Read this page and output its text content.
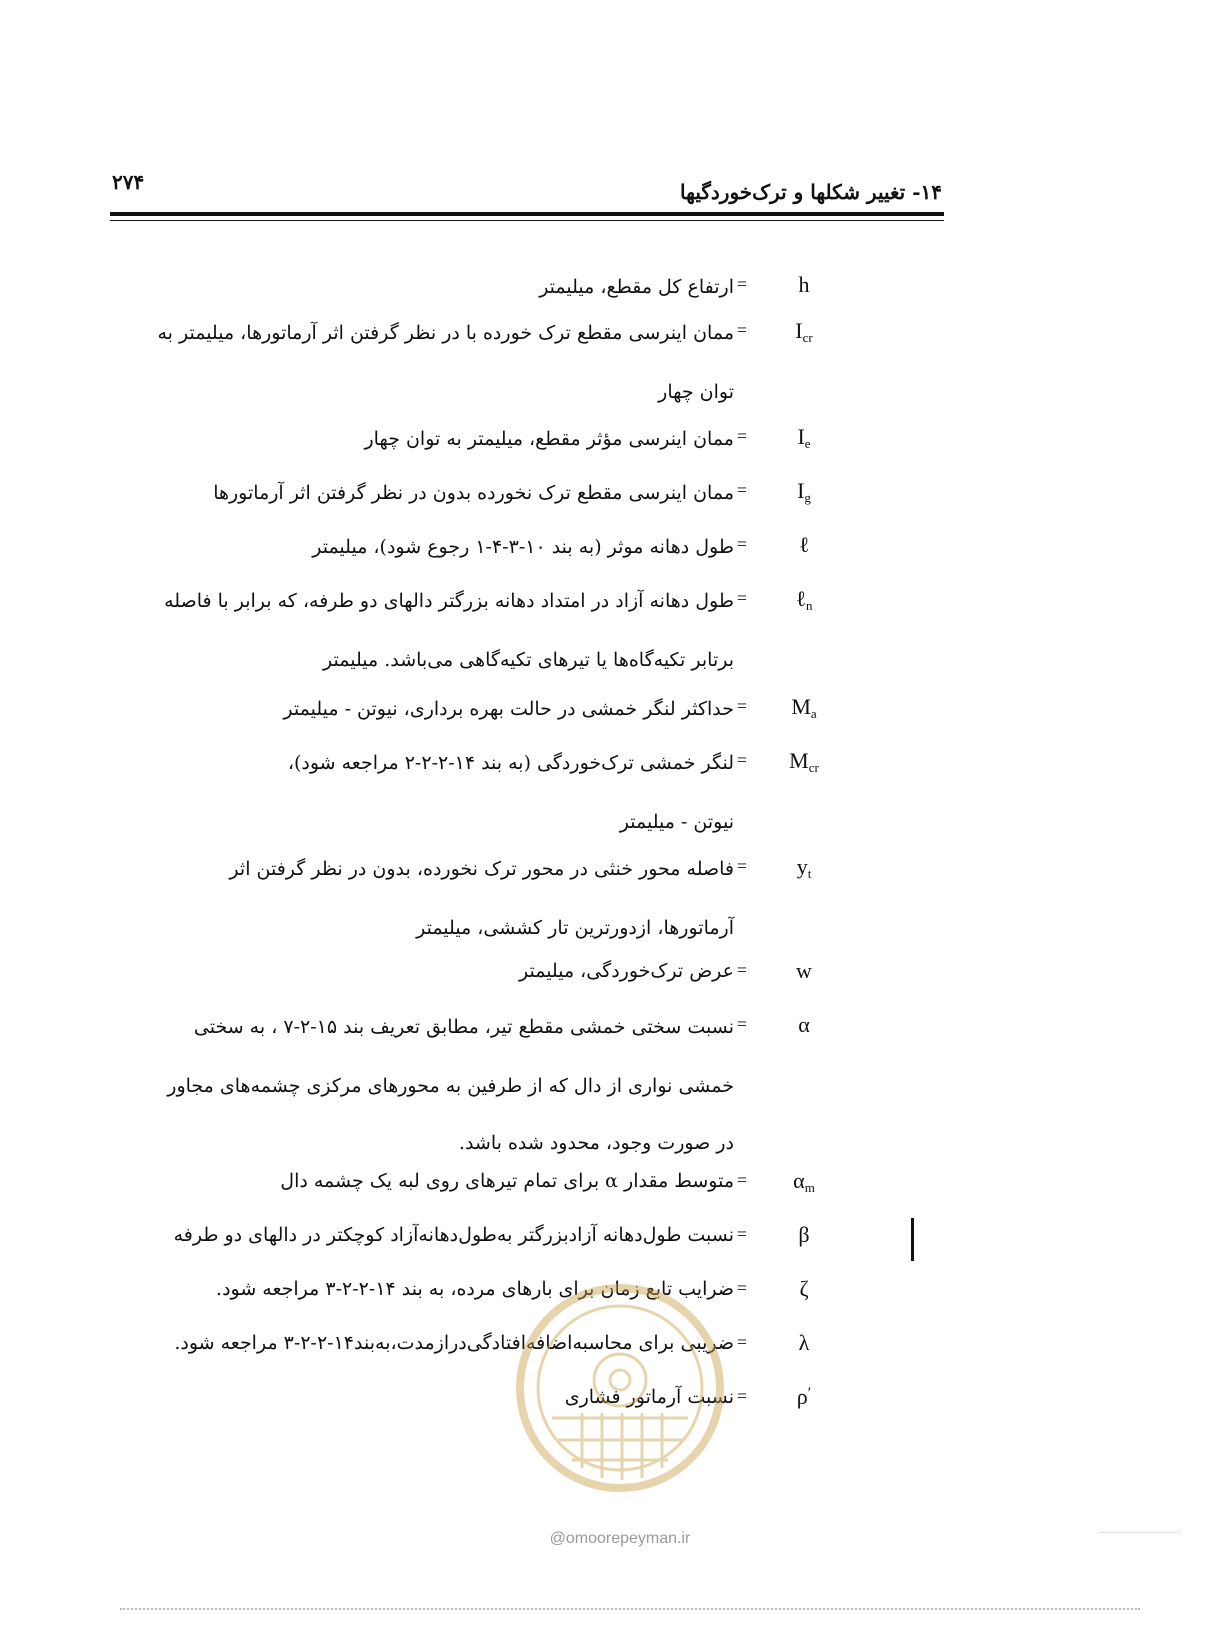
۲۷۴	۱۴- تغییر شکلها و ترک‌خوردگیها
h
=
ارتفاع کل مقطع، میلیمتر
$I_{cr}$
=
ممان اینرسی مقطع ترک خورده با در نظر گرفتن اثر آرماتورها، میلیمتر به
توان چهار
$I_e$
=
ممان اینرسی مؤثر مقطع، میلیمتر به توان چهار
$I_g$
=
ممان اینرسی مقطع ترک نخورده بدون در نظر گرفتن اثر آرماتورها
ℓ
=
طول دهانه موثر (به بند ۱۰-۳-۴-۱ رجوع شود)، میلیمتر
ℓ$_n$
=
طول دهانه آزاد در امتداد دهانه بزرگتر دالهای دو طرفه، که برابر با فاصله
برتابر تکیه‌گاه‌ها یا تیرهای تکیه‌گاهی می‌باشد. میلیمتر
$M_a$
=
حداکثر لنگر خمشی در حالت بهره برداری، نیوتن - میلیمتر
$M_{cr}$
=
لنگر خمشی ترک‌خوردگی (به بند ۱۴-۲-۲-۲ مراجعه شود)،
نیوتن - میلیمتر
$y_t$
=
فاصله محور خنثی در محور ترک نخورده، بدون در نظر گرفتن اثر
آرماتورها، ازدورترین تار کششی، میلیمتر
w
=
عرض ترک‌خوردگی، میلیمتر
α
=
نسبت سختی خمشی مقطع تیر، مطابق تعریف بند ۱۵-۲-۷ ، به سختی
خمشی نواری از دال که از طرفین به محورهای مرکزی چشمه‌های مجاور
در صورت وجود، محدود شده باشد.
$\alpha_m$
=
متوسط مقدار α برای تمام تیرهای روی لبه یک چشمه دال
β
=
نسبت طول‌دهانه آزادبزرگتر به‌طول‌دهانه‌آزاد کوچکتر در دالهای دو طرفه
ζ
=
ضرایب تابع زمان برای بارهای مرده، به بند ۱۴-۲-۲-۳ مراجعه شود.
λ
=
ضریبی برای محاسبه‌اضافه‌افتادگی‌درازمدت،به‌بند۱۴-۲-۲-۳ مراجعه شود.
ρ′
=
نسبت آرماتور فشاری
@omoorepeyman.ir
